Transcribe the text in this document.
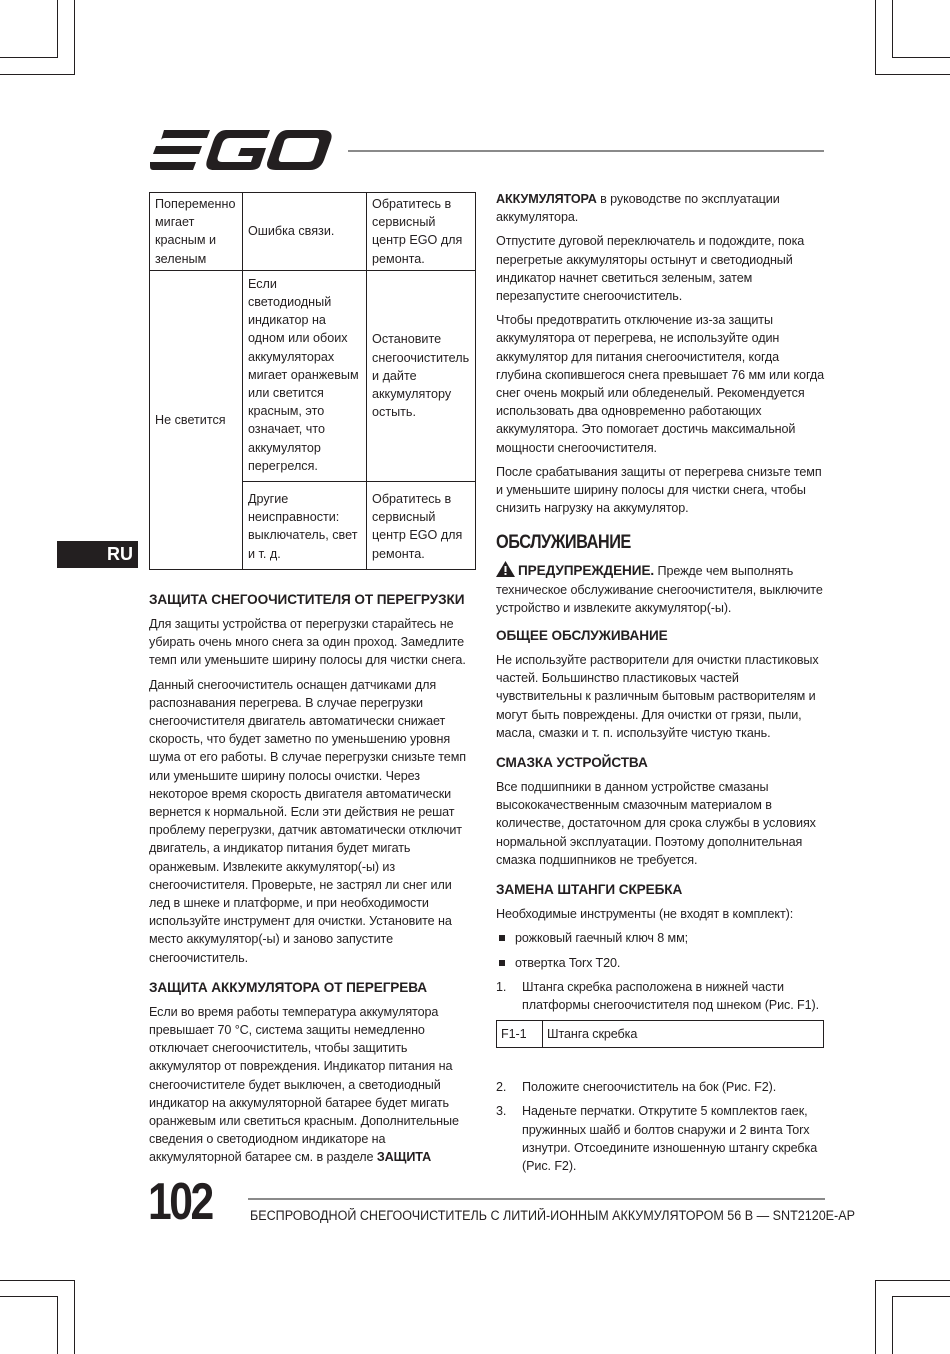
Попеременно мигает красным и зеленым	Ошибка связи.	Обратитесь в сервисный центр EGO для ремонта.
Не светится	Если светодиодный индикатор на одном или обоих аккумуляторах мигает оранжевым или светится красным, это означает, что аккумулятор перегрелся.	Остановите снегоочиститель и дайте аккумулятору остыть.
	Другие неисправности: выключатель, свет и т. д.	Обратитесь в сервисный центр EGO для ремонта.
RU
ЗАЩИТА СНЕГООЧИСТИТЕЛЯ ОТ ПЕРЕГРУЗКИ

Для защиты устройства от перегрузки старайтесь не убирать очень много снега за один проход. Замедлите темп или уменьшите ширину полосы для чистки снега.

Данный снегоочиститель оснащен датчиками для распознавания перегрева. В случае перегрузки снегоочистителя двигатель автоматически снижает скорость, что будет заметно по уменьшению уровня шума от его работы. В случае перегрузки снизьте темп или уменьшите ширину полосы очистки. Через некоторое время скорость двигателя автоматически вернется к нормальной. Если эти действия не решат проблему перегрузки, датчик автоматически отключит двигатель, а индикатор питания будет мигать оранжевым. Извлеките аккумулятор(-ы) из снегоочистителя. Проверьте, не застрял ли снег или лед в шнеке и платформе, и при необходимости используйте инструмент для очистки. Установите на место аккумулятор(-ы) и заново запустите снегоочиститель.

ЗАЩИТА АККУМУЛЯТОРА ОТ ПЕРЕГРЕВА

Если во время работы температура аккумулятора превышает 70 °C, система защиты немедленно отключает снегоочиститель, чтобы защитить аккумулятор от повреждения. Индикатор питания на снегоочистителе будет выключен, а светодиодный индикатор на аккумуляторной батарее будет мигать оранжевым или светиться красным. Дополнительные сведения о светодиодном индикаторе на аккумуляторной батарее см. в разделе ЗАЩИТА

АККУМУЛЯТОРА в руководстве по эксплуатации аккумулятора.

Отпустите дуговой переключатель и подождите, пока перегретые аккумуляторы остынут и светодиодный индикатор начнет светиться зеленым, затем перезапустите снегоочиститель.

Чтобы предотвратить отключение из-за защиты аккумулятора от перегрева, не используйте один аккумулятор для питания снегоочистителя, когда глубина скопившегося снега превышает 76 мм или когда снег очень мокрый или обледенелый. Рекомендуется использовать два одновременно работающих аккумулятора. Это помогает достичь максимальной мощности снегоочистителя.

После срабатывания защиты от перегрева снизьте темп и уменьшите ширину полосы для чистки снега, чтобы снизить нагрузку на аккумулятор.

ОБСЛУЖИВАНИЕ

ПРЕДУПРЕЖДЕНИЕ. Прежде чем выполнять техническое обслуживание снегоочистителя, выключите устройство и извлеките аккумулятор(-ы).

ОБЩЕЕ ОБСЛУЖИВАНИЕ

Не используйте растворители для очистки пластиковых частей. Большинство пластиковых частей чувствительны к различным бытовым растворителям и могут быть повреждены. Для очистки от грязи, пыли, масла, смазки и т. п. используйте чистую ткань.

СМАЗКА УСТРОЙСТВА

Все подшипники в данном устройстве смазаны высококачественным смазочным материалом в количестве, достаточном для срока службы в условиях нормальной эксплуатации. Поэтому дополнительная смазка подшипников не требуется.

ЗАМЕНА ШТАНГИ СКРЕБКА

Необходимые инструменты (не входят в комплект):

рожковый гаечный ключ 8 мм;
отвертка Torx T20.
1.	Штанга скребка расположена в нижней части платформы снегоочистителя под шнеком (Рис. F1).
F1-1	Штанга скребка
2.	Положите снегоочиститель на бок (Рис. F2).
3.	Наденьте перчатки. Открутите 5 комплектов гаек, пружинных шайб и болтов снаружи и 2 винта Torx изнутри. Отсоедините изношенную штангу скребка (Рис. F2).
102	БЕСПРОВОДНОЙ СНЕГООЧИСТИТЕЛЬ С ЛИТИЙ-ИОННЫМ АККУМУЛЯТОРОМ 56 В — SNT2120E-AP
